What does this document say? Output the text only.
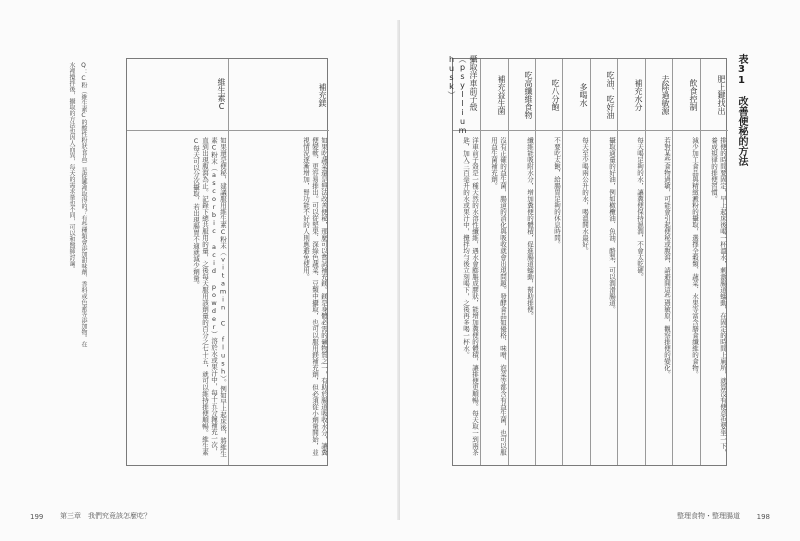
維生素C
如果還是便秘，建議服用維生素C粉末（vitamin C flush）。例如早上起床後，將維生素C粉末（ascorbic acid powder）溶於水或果汁中，每十五分鐘補充一次，直到出現腹瀉為止。記錄下總共服用的量，之後每天服用該劑量的百分之七十五，就可以維持排便順暢。維生素C每天可以分次攝取，若出現腸胃不適就減少劑量。
補充鎂
如果吃蔬菜還是無法改善便秘，那麼可以嘗試補充鎂。鎂是身體必需的礦物質之一，有助於腸道吸收水分，讓糞便變軟、更容易排出。可以從堅果、深綠色蔬菜、豆類中攝取，也可以服用鎂補充劑，但必須從小劑量開始，並視情況逐漸增加，腎功能不好的人則應避免使用。
Q：C粉（維生素C的酸性粉狀食品）是從哪裡取得的？有些種類會添加甜味劑、香料或色素等添加物。在
水裡攪拌後，攝取的方法也因人而異，每天的需求量也不同，可以和醫師討論。
199 第三章　我們究竟該怎麼吃？
表31　改善便秘的方法
攝取洋車前子殼（psyllium husk）
洋車前子殼是一種天然的水溶性纖維，遇水會膨脹成膠狀，能增加糞便的體積，讓排便更順暢。每天取一到兩茶匙，加入三百毫升的水或果汁中，攪拌均勻後立刻喝下，之後再多喝一杯水。
補充益生菌
沒有正確的益生菌，腸道的消化與吸收就會出現問題。發酵食品如優格、味噌、泡菜等都含有益生菌，也可以服用益生菌補充劑。
吃高纖維食物
纖維能吸附水分，增加糞便的體積，促進腸道蠕動，幫助排便。
吃八分飽
不要吃太飽，給腸胃足夠的休息時間。
多喝水
每天至少喝兩公升的水，喝溫開水最好。
吃油、吃好油
攝取適量的好油，例如橄欖油、魚油、酪梨，可以潤滑腸道。
補充水分
每天喝足夠的水，讓糞便保持濕潤，不會太乾硬。
去除過敏源
若對某些食物過敏，可能會引起便秘或腹瀉，請避開這些過敏原，觀察排便的變化。
飲食控制
減少加工食品與精緻澱粉的攝取，選擇全穀類、蔬菜、水果等富含膳食纖維的食物。
肥上鍵找出
排便的時間要固定，早上起床後喝一杯溫水，刺激腸道蠕動，在固定的時間上廁所，就算沒有便意也要坐一下，養成規律的排便習慣。
整理食物・整理腸道 198
